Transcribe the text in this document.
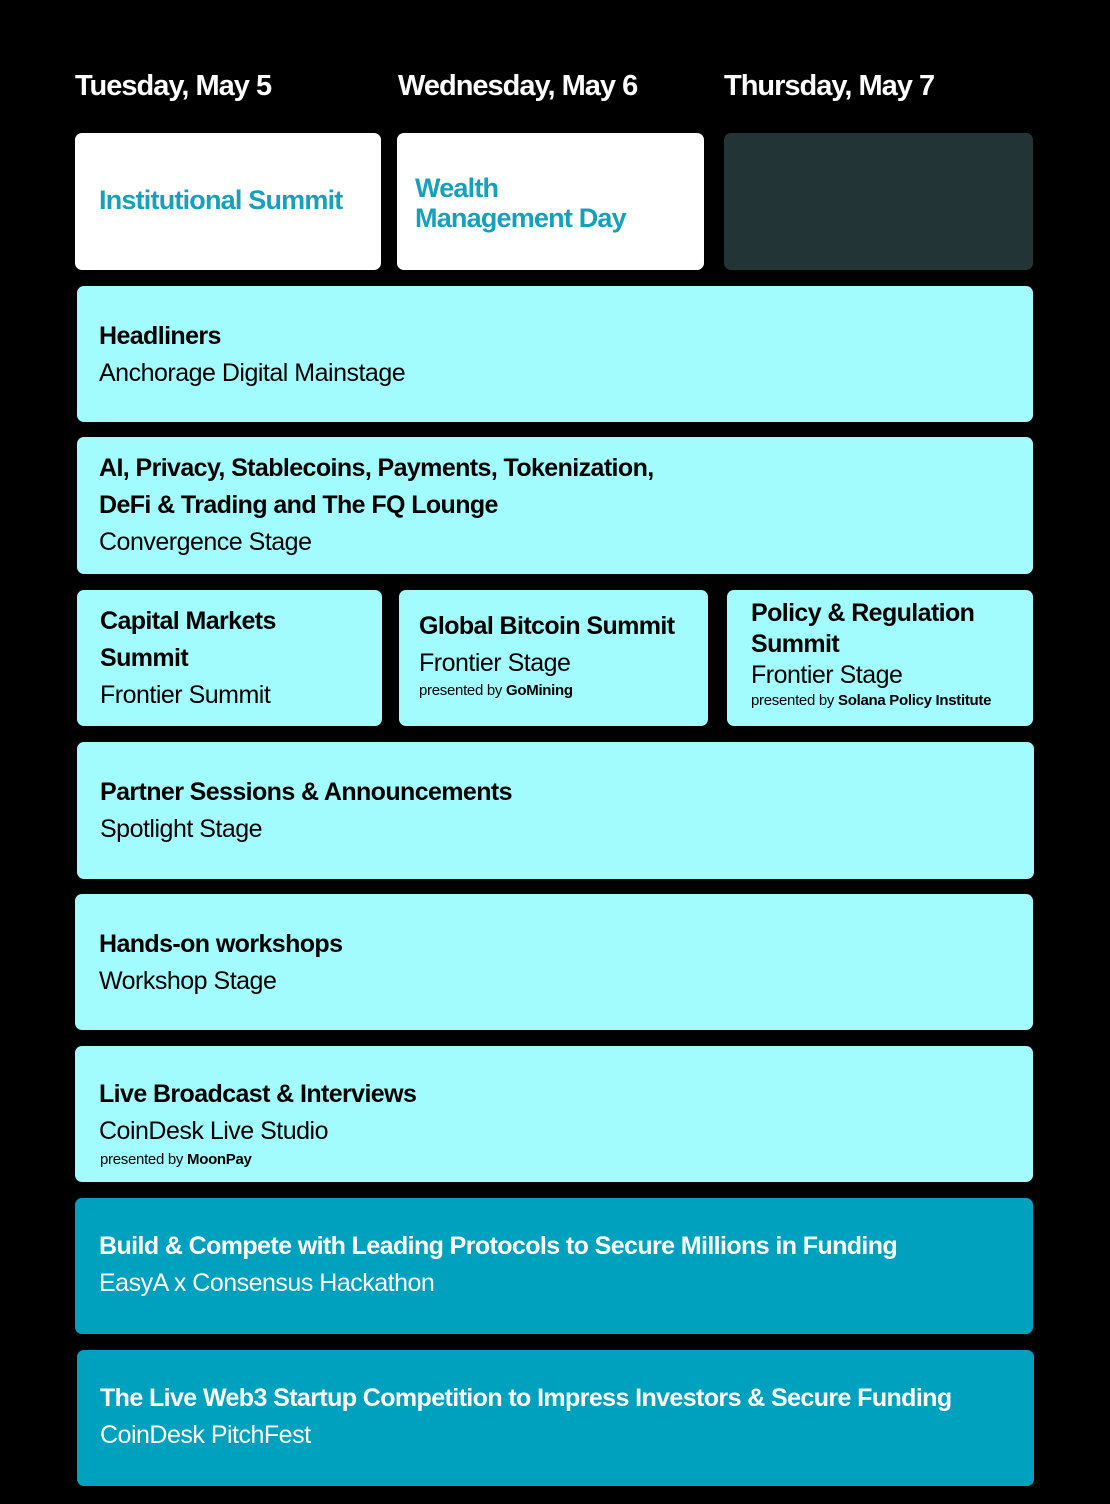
Tuesday, May 5	Wednesday, May 6	Thursday, May 7
Institutional Summit	Wealth
Management Day
Headliners
Anchorage Digital Mainstage
AI, Privacy, Stablecoins, Payments, Tokenization,
DeFi & Trading and The FQ Lounge
Convergence Stage
Capital Markets
Summit
Frontier Summit
Global Bitcoin Summit
Frontier Stage
presented by GoMining
Policy & Regulation
Summit
Frontier Stage
presented by Solana Policy Institute
Partner Sessions & Announcements
Spotlight Stage
Hands-on workshops
Workshop Stage
Live Broadcast & Interviews
CoinDesk Live Studio
presented by MoonPay
Build & Compete with Leading Protocols to Secure Millions in Funding
EasyA x Consensus Hackathon
The Live Web3 Startup Competition to Impress Investors & Secure Funding
CoinDesk PitchFest
